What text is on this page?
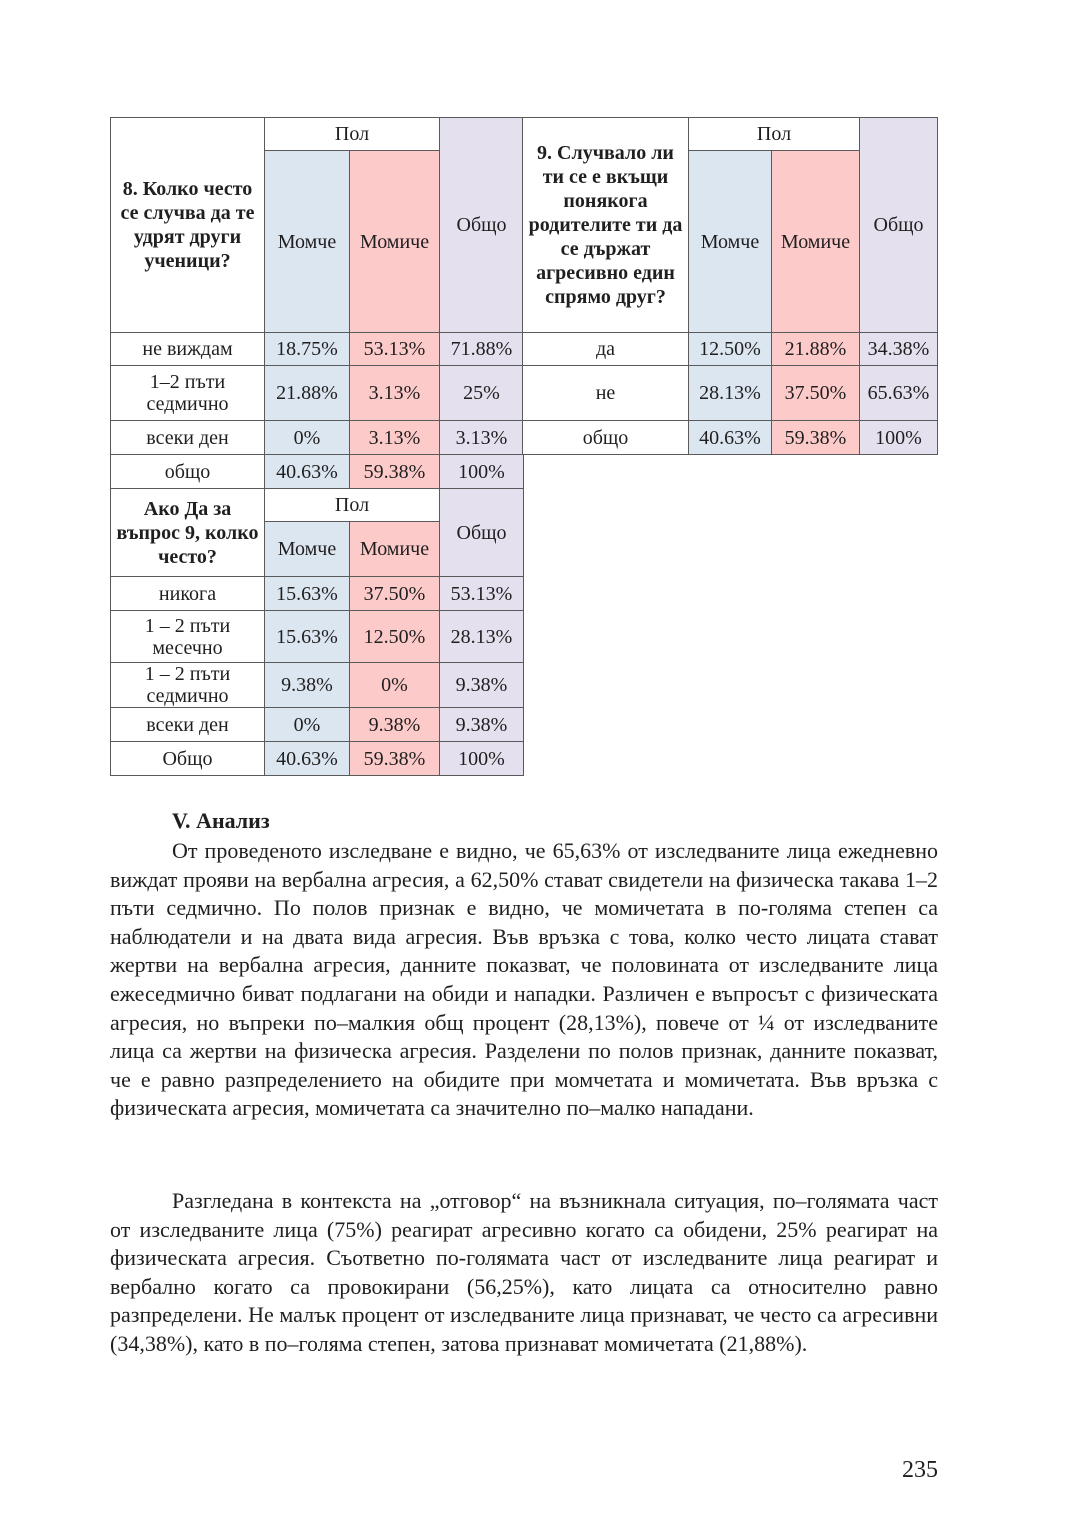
8. Колко често се случва да те удрят други ученици?	Пол		Общо
	Момче	Момиче	
не виждам	18.75%	53.13%	71.88%
1–2 пъти седмично	21.88%	3.13%	25%
всеки ден	0%	3.13%	3.13%
общо	40.63%	59.38%	100%
9. Случвало ли ти се е вкъщи понякога родителите ти да се държат агресивно един спрямо друг?	Пол		Общо
	Момче	Момиче	
да	12.50%	21.88%	34.38%
не	28.13%	37.50%	65.63%
общо	40.63%	59.38%	100%
Ако Да за въпрос 9, колко често?	Пол		Общо
	Момче	Момиче	
никога	15.63%	37.50%	53.13%
1 – 2 пъти месечно	15.63%	12.50%	28.13%
1 – 2 пъти седмично	9.38%	0%	9.38%
всеки ден	0%	9.38%	9.38%
Общо	40.63%	59.38%	100%
V. Анализ

От проведеното изследване е видно, че 65,63% от изследваните лица ежедневно виждат прояви на вербална агресия, а 62,50% стават свидетели на физическа такава 1–2 пъти седмично. По полов признак е видно, че момичетата в по-голяма степен са наблюдатели и на двата вида агресия. Във връзка с това, колко често лицата стават жертви на вербална агресия, данните показват, че половината от изследваните лица ежеседмично биват подлагани на обиди и нападки. Различен е въпросът с физическата агресия, но въпреки по–малкия общ процент (28,13%), повече от ¼ от изследваните лица са жертви на физическа агресия. Разделени по полов признак, данните показват, че е равно разпределението на обидите при момчетата и момичетата. Във връзка с физическата агресия, момичетата са значително по–малко нападани.

Разгледана в контекста на „отговор“ на възникнала ситуация, по–голямата част от изследваните лица (75%) реагират агресивно когато са обидени, 25% реагират на физическата агресия. Съответно по-голямата част от изследваните лица реагират и вербално когато са провокирани (56,25%), като лицата са относително равно разпределени. Не малък процент от изследваните лица признават, че често са агресивни (34,38%), като в по–голяма степен, затова признават момичетата (21,88%).

235
